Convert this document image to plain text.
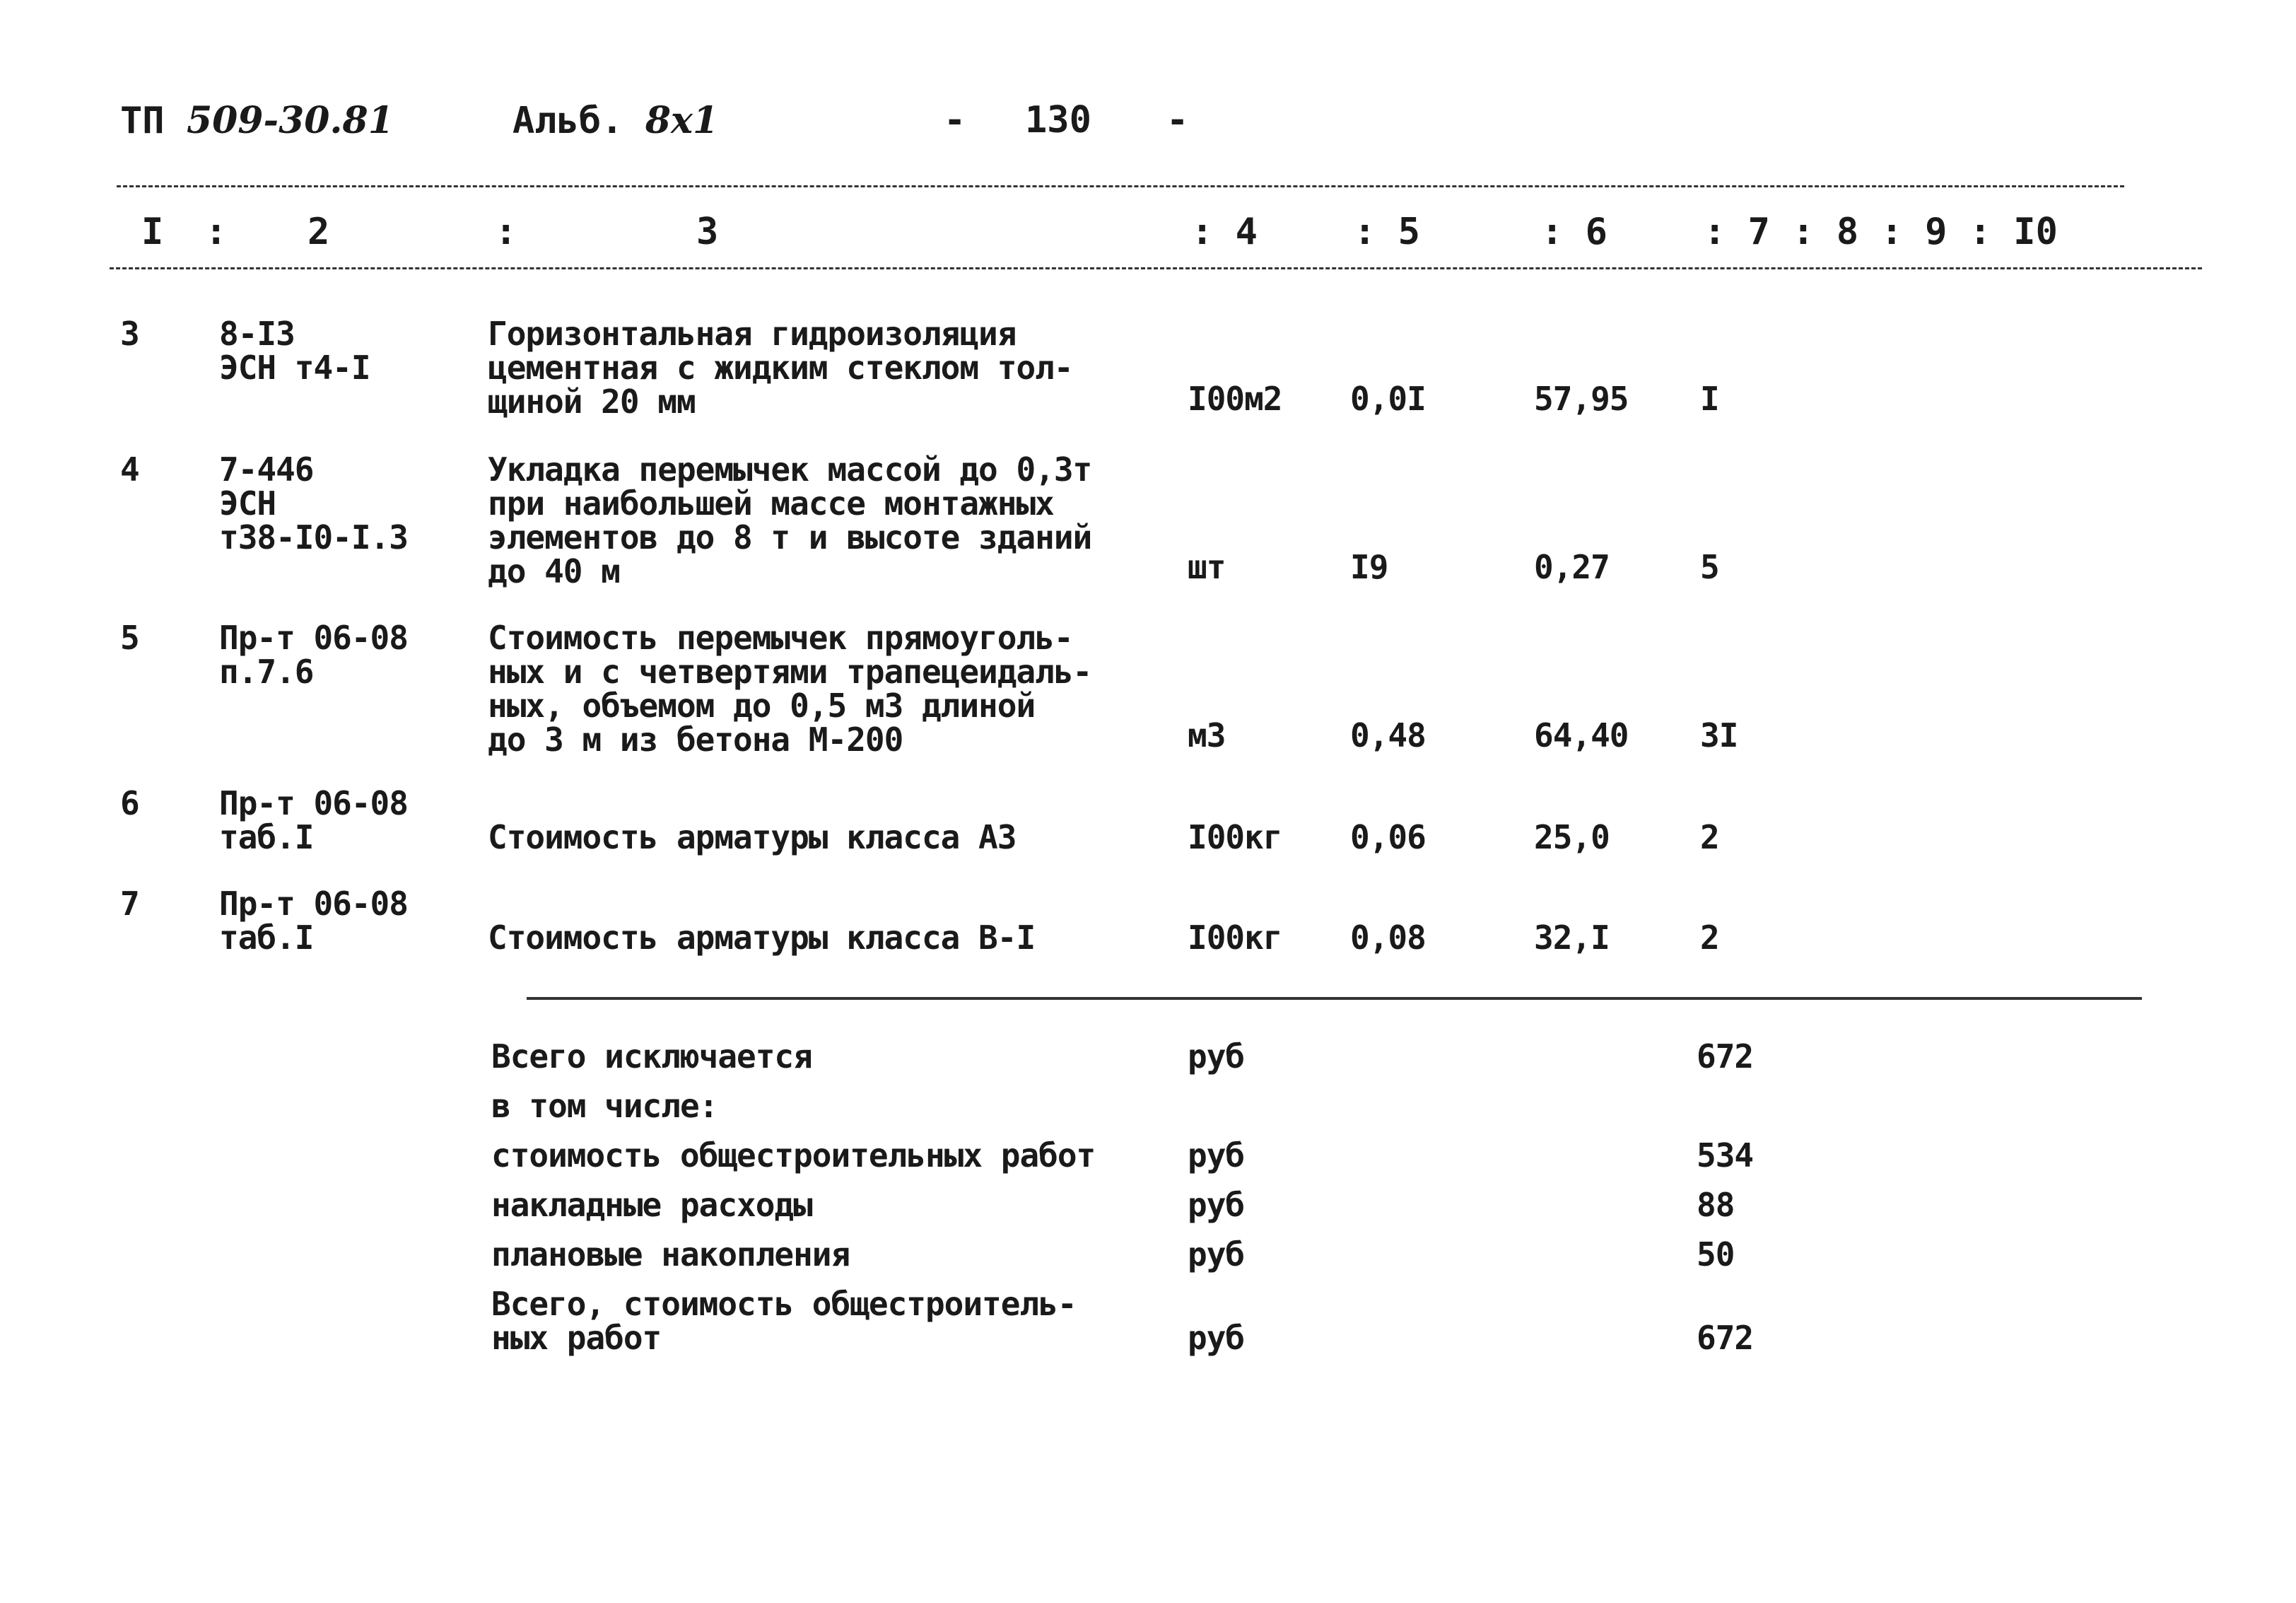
ТП 509-30.81	Альб. 8x1	- 130 -
I : 2	:	3	: 4	: 5	: 6	: 7 : 8 : 9 : I0
3 8-I3
ЭСН т4-I
Горизонтальная гидроизоляция
цементная с жидким стеклом тол-
щиной 20 мм	I00м2 0,0I	57,95 I
4 7-446
ЭСН
т38-I0-I.3
Укладка перемычек массой до 0,3т
при наибольшей массе монтажных
элементов до 8 т и высоте зданий
до 40 м	шт	I9	0,27	5
5 Пр-т 06-08
п.7.6
Стоимость перемычек прямоуголь-
ных и с четвертями трапецеидаль-
ных, объемом до 0,5 м3 длиной
до 3 м из бетона М-200	м3	0,48	64,40 3I
6 Пр-т 06-08
таб.I	Стоимость арматуры класса А3	I00кг 0,06	25,0	2
7 Пр-т 06-08
таб.I	Стоимость арматуры класса В-I	I00кг 0,08	32,I	2
Всего исключается	руб	672
в том числе:
стоимость общестроительных работ	руб	534
накладные расходы	руб	88
плановые накопления	руб	50
Всего, стоимость общестроитель-
ных работ	руб	672
